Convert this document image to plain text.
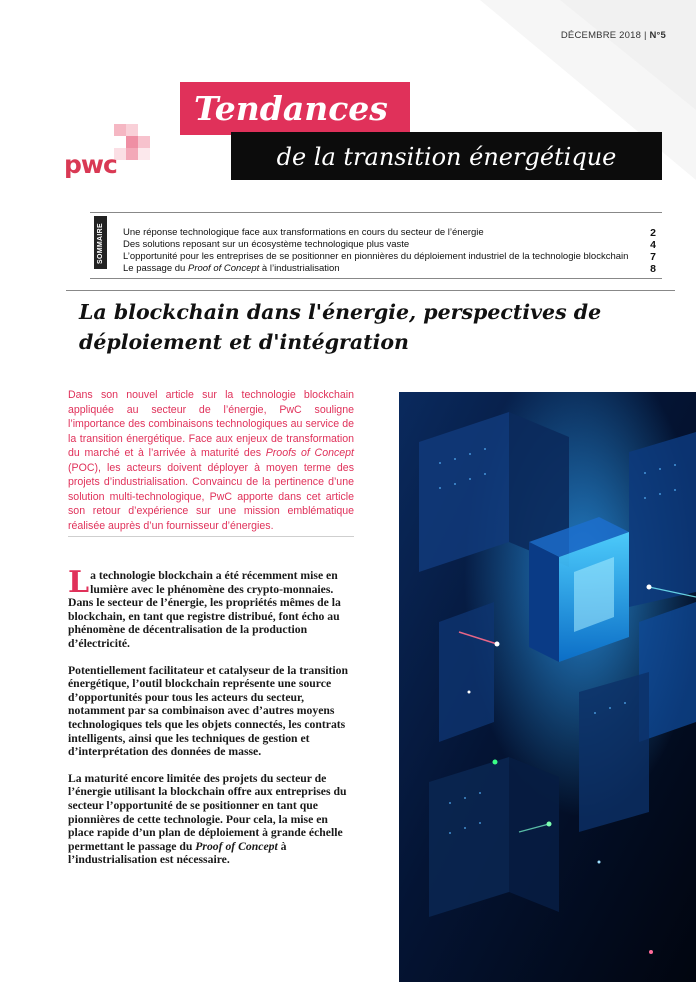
DÉCEMBRE 2018 | N°5
Tendances
de la transition énergétique
pwc
SOMMAIRE	Une réponse technologique face aux transformations en cours du secteur de l’énergie	2
Des solutions reposant sur un écosystème technologique plus vaste	4
L’opportunité pour les entreprises de se positionner en pionnières du déploiement industriel de la technologie blockchain 7
Le passage du Proof of Concept à l’industrialisation	8
La blockchain dans l'énergie, perspectives de déploiement et d'intégration
Dans son nouvel article sur la technologie blockchain appliquée au secteur de l’énergie, PwC souligne l’importance des combinaisons technologiques au service de la transition énergétique. Face aux enjeux de transformation du marché et à l’arrivée à maturité des Proofs of Concept (POC), les acteurs doivent déployer à moyen terme des projets d’industrialisation. Convaincu de la pertinence d’une solution multi-technologique, PwC apporte dans cet article son retour d’expérience sur une mission emblématique réalisée auprès d’un fournisseur d’énergies.

La technologie blockchain a été récemment mise en lumière avec le phénomène des crypto-monnaies. Dans le secteur de l’énergie, les propriétés mêmes de la blockchain, en tant que registre distribué, font écho au phénomène de décentralisation de la production d’électricité.

Potentiellement facilitateur et catalyseur de la transition énergétique, l’outil blockchain représente une source d’opportunités pour tous les acteurs du secteur, notamment par sa combinaison avec d’autres moyens technologiques tels que les objets connectés, les contrats intelligents, ainsi que les techniques de gestion et d’interprétation des données de masse.

La maturité encore limitée des projets du secteur de l’énergie utilisant la blockchain offre aux entreprises du secteur l’opportunité de se positionner en tant que pionnières de cette technologie. Pour cela, la mise en place rapide d’un plan de déploiement à grande échelle permettant le passage du Proof of Concept à l’industrialisation est nécessaire.
